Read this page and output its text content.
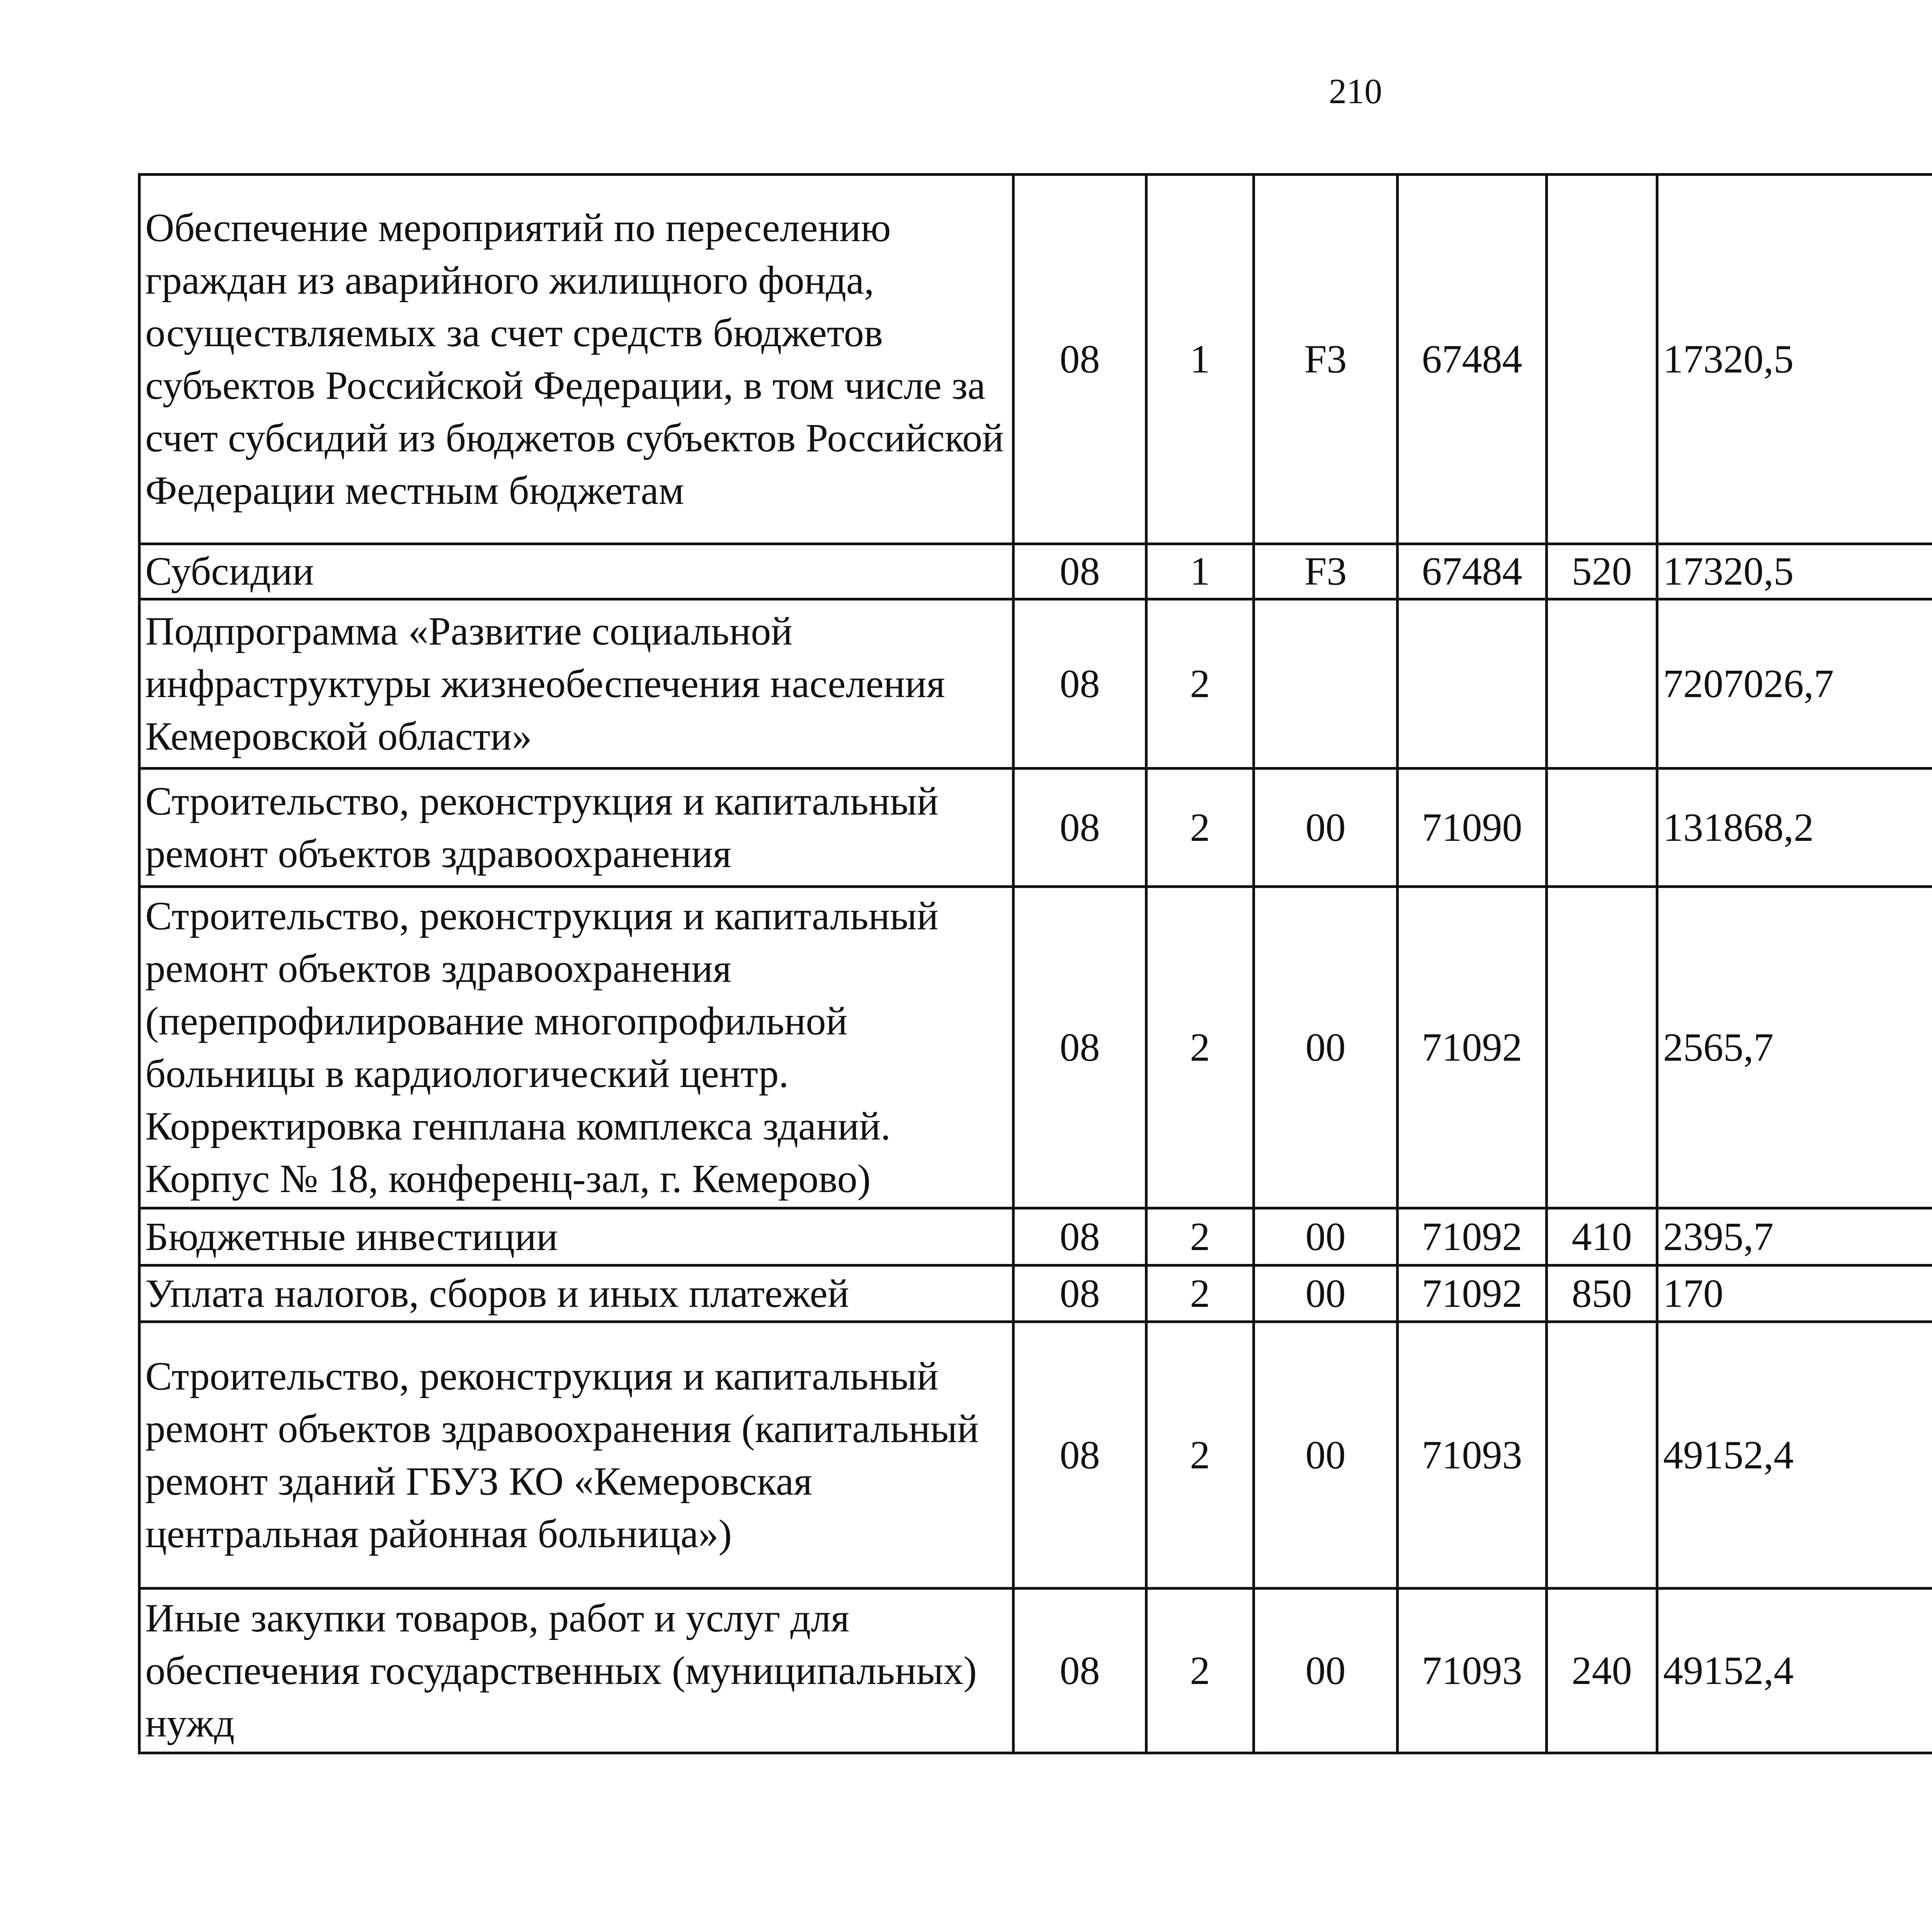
210
Обеспечение мероприятий по переселению граждан из аварийного жилищного фонда, осуществляемых за счет средств бюджетов субъектов Российской Федерации, в том числе за счет субсидий из бюджетов субъектов Российской Федерации местным бюджетам	08	1	F3	67484		17320,5		
Субсидии	08	1	F3	67484	520	17320,5		
Подпрограмма «Развитие социальной инфраструктуры жизнеобеспечения населения Кемеровской области»	08	2				7207026,7		
Строительство, реконструкция и капитальный ремонт объектов здравоохранения	08	2	00	71090		131868,2		
Строительство, реконструкция и капитальный ремонт объектов здравоохранения (перепрофилирование многопрофильной больницы в кардиологический центр. Корректировка генплана комплекса зданий. Корпус № 18, конференц-зал, г. Кемерово)	08	2	00	71092		2565,7		
Бюджетные инвестиции	08	2	00	71092	410	2395,7		
Уплата налогов, сборов и иных платежей	08	2	00	71092	850	170		
Строительство, реконструкция и капитальный ремонт объектов здравоохранения (капитальный ремонт зданий ГБУЗ КО «Кемеровская центральная районная больница»)	08	2	00	71093		49152,4		
Иные закупки товаров, работ и услуг для обеспечения государственных (муниципальных) нужд	08	2	00	71093	240	49152,4		
